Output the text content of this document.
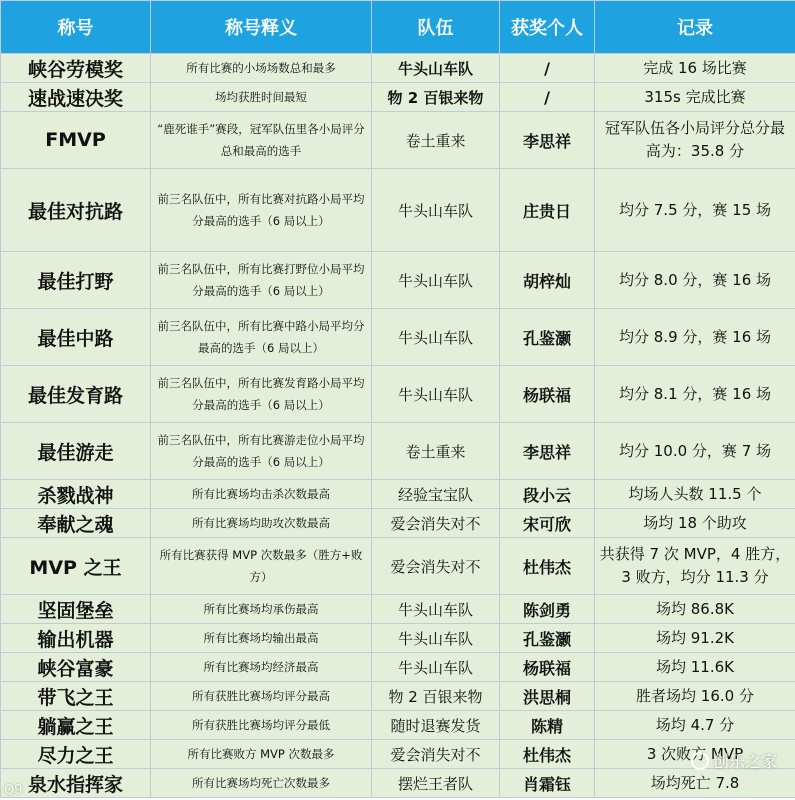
称号	称号释义	队伍	获奖个人	记录
峡谷劳模奖	所有比赛的小场场数总和最多	牛头山车队	/	完成 16 场比赛
速战速决奖	场均获胜时间最短	物 2 百银来物	/	315s 完成比赛
FMVP	“鹿死谁手”赛段，冠军队伍里各小局评分总和最高的选手	卷土重来	李思祥	冠军队伍各小局评分总分最高为：35.8 分
最佳对抗路	前三名队伍中，所有比赛对抗路小局平均分最高的选手（6 局以上）	牛头山车队	庄贵日	均分 7.5 分，赛 15 场
最佳打野	前三名队伍中，所有比赛打野位小局平均分最高的选手（6 局以上）	牛头山车队	胡梓灿	均分 8.0 分，赛 16 场
最佳中路	前三名队伍中，所有比赛中路小局平均分最高的选手（6 局以上）	牛头山车队	孔鉴灏	均分 8.9 分，赛 16 场
最佳发育路	前三名队伍中，所有比赛发育路小局平均分最高的选手（6 局以上）	牛头山车队	杨联福	均分 8.1 分，赛 16 场
最佳游走	前三名队伍中，所有比赛游走位小局平均分最高的选手（6 局以上）	卷土重来	李思祥	均分 10.0 分，赛 7 场
杀戮战神	所有比赛场均击杀次数最高	经验宝宝队	段小云	均场人头数 11.5 个
奉献之魂	所有比赛场均助攻次数最高	爱会消失对不	宋可欣	场均 18 个助攻
MVP 之王	所有比赛获得 MVP 次数最多（胜方+败方）	爱会消失对不	杜伟杰	共获得 7 次 MVP，4 胜方，3 败方，均分 11.3 分
坚固堡垒	所有比赛场均承伤最高	牛头山车队	陈剑勇	场均 86.8K
输出机器	所有比赛场均输出最高	牛头山车队	孔鉴灏	场均 91.2K
峡谷富豪	所有比赛场均经济最高	牛头山车队	杨联福	场均 11.6K
带飞之王	所有获胜比赛场均评分最高	物 2 百银来物	洪思桐	胜者场均 16.0 分
躺赢之王	所有获胜比赛场均评分最低	随时退赛发货	陈精	场均 4.7 分
尽力之王	所有比赛败方 MVP 次数最多	爱会消失对不	杜伟杰	3 次败方 MVP
泉水指挥家	所有比赛场均死亡次数最多	摆烂王者队	肖霜钰	场均死亡 7.8
创乐之家
Q9
